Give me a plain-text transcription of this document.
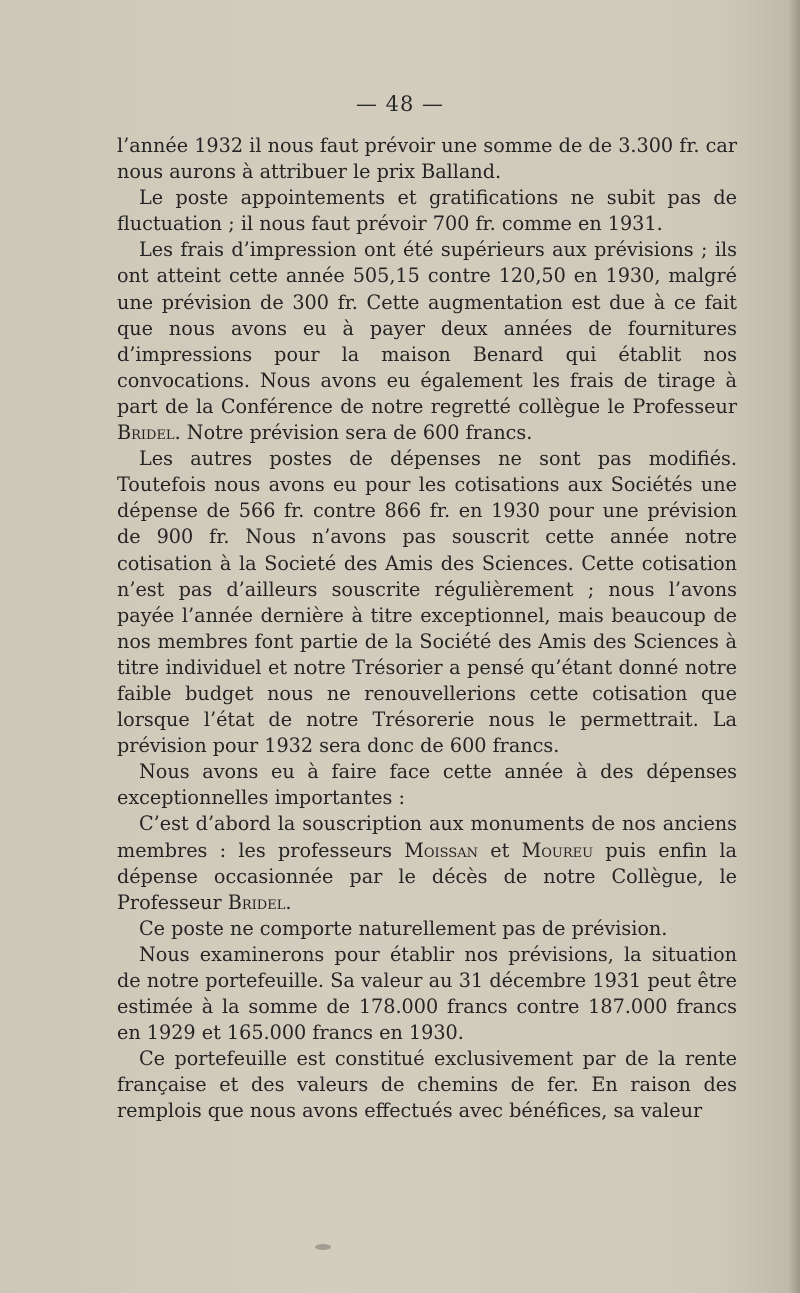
— 48 —

l’année 1932 il nous faut prévoir une somme de de 3.300 fr. car nous aurons à attribuer le prix Balland.

Le poste appointements et gratifications ne subit pas de fluctuation ; il nous faut prévoir 700 fr. comme en 1931.

Les frais d’impression ont été supérieurs aux prévisions ; ils ont atteint cette année 505,15 contre 120,50 en 1930, malgré une prévision de 300 fr. Cette augmentation est due à ce fait que nous avons eu à payer deux années de fournitures d’impressions pour la maison Benard qui établit nos convocations. Nous avons eu également les frais de tirage à part de la Conférence de notre regretté collègue le Professeur Bridel. Notre prévision sera de 600 francs.

Les autres postes de dépenses ne sont pas modifiés. Toutefois nous avons eu pour les cotisations aux Sociétés une dépense de 566 fr. contre 866 fr. en 1930 pour une prévision de 900 fr. Nous n’avons pas souscrit cette année notre cotisation à la Societé des Amis des Sciences. Cette cotisation n’est pas d’ailleurs souscrite régulièrement ; nous l’avons payée l’année dernière à titre exceptionnel, mais beaucoup de nos membres font partie de la Société des Amis des Sciences à titre individuel et notre Trésorier a pensé qu’étant donné notre faible budget nous ne renouvellerions cette cotisation que lorsque l’état de notre Trésorerie nous le permettrait. La prévision pour 1932 sera donc de 600 francs.

Nous avons eu à faire face cette année à des dépenses exceptionnelles importantes :

C’est d’abord la souscription aux monuments de nos anciens membres : les professeurs Moissan et Moureu puis enfin la dépense occasionnée par le décès de notre Collègue, le Professeur Bridel.

Ce poste ne comporte naturellement pas de prévision.

Nous examinerons pour établir nos prévisions, la situation de notre portefeuille. Sa valeur au 31 décembre 1931 peut être estimée à la somme de 178.000 francs contre 187.000 francs en 1929 et 165.000 francs en 1930.

Ce portefeuille est constitué exclusivement par de la rente française et des valeurs de chemins de fer. En raison des remplois que nous avons effectués avec bénéfices, sa valeur
